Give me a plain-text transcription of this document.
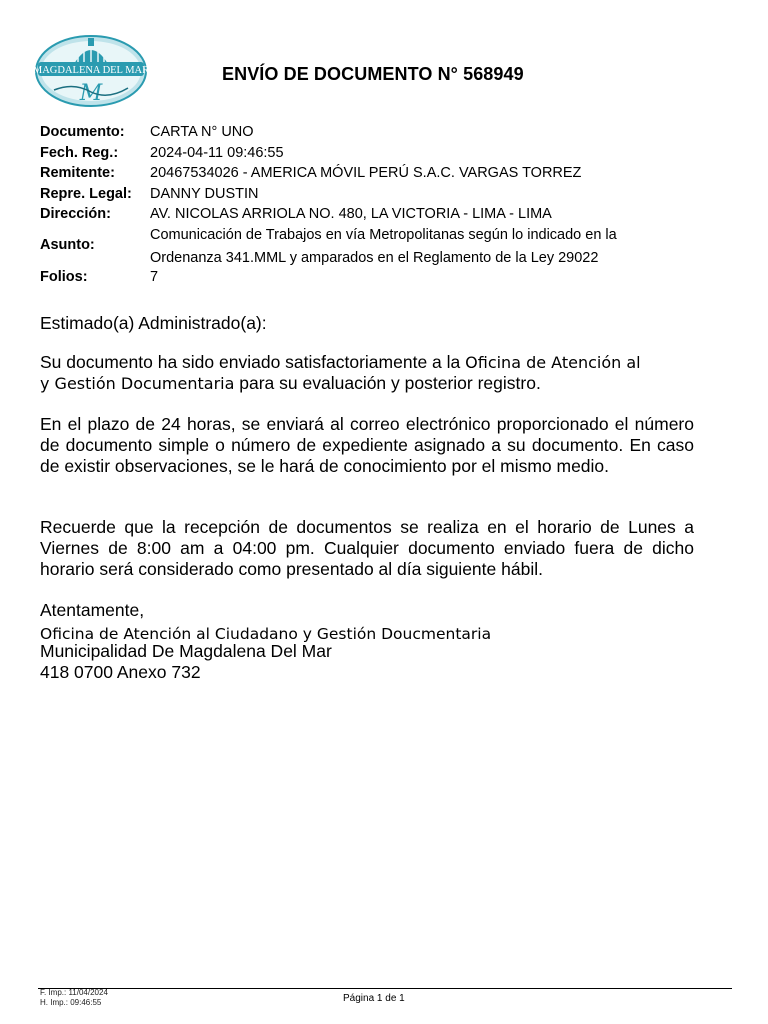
MAGDALENA DEL MAR
M
ENVÍO DE DOCUMENTO N° 568949
Documento:	CARTA N° UNO
Fech. Reg.:	2024-04-11 09:46:55
Remitente:	20467534026 - AMERICA MÓVIL PERÚ S.A.C. VARGAS TORREZ
Repre. Legal:	DANNY DUSTIN
Dirección:	AV. NICOLAS ARRIOLA NO. 480, LA VICTORIA - LIMA - LIMA
Asunto:
Comunicación de Trabajos en vía Metropolitanas según lo indicado en la
Ordenanza 341.MML y amparados en el Reglamento de la Ley 29022
Folios:	7
Estimado(a) Administrado(a):
Su documento ha sido enviado satisfactoriamente a la Oficina de Atención al
y Gestión Documentaria para su evaluación y posterior registro.
En el plazo de 24 horas, se enviará al correo electrónico proporcionado el número de documento simple o número de expediente asignado a su documento. En caso de existir observaciones, se le hará de conocimiento por el mismo medio.
Recuerde que la recepción de documentos se realiza en el horario de Lunes a Viernes de 8:00 am a 04:00 pm. Cualquier documento enviado fuera de dicho horario será considerado como presentado al día siguiente hábil.
Atentamente,
Oficina de Atención al Ciudadano y Gestión Doucmentaria
Municipalidad De Magdalena Del Mar
418 0700 Anexo 732
F. Imp.: 11/04/2024
H. Imp.: 09:46:55	Página 1 de 1
